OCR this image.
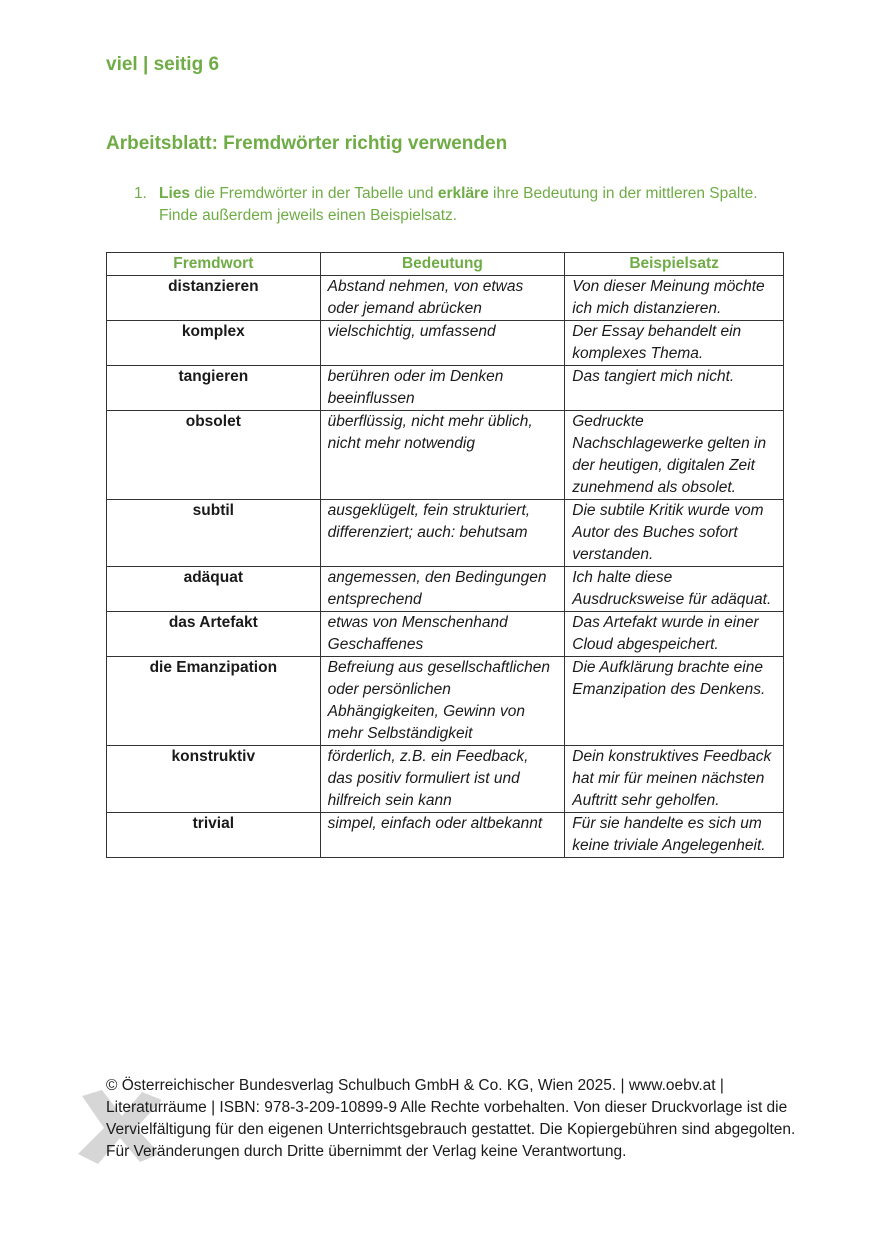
viel | seitig 6
Arbeitsblatt: Fremdwörter richtig verwenden
1. Lies die Fremdwörter in der Tabelle und erkläre ihre Bedeutung in der mittleren Spalte. Finde außerdem jeweils einen Beispielsatz.
Fremdwort	Bedeutung	Beispielsatz
distanzieren	Abstand nehmen, von etwas oder jemand abrücken	Von dieser Meinung möchte ich mich distanzieren.
komplex	vielschichtig, umfassend	Der Essay behandelt ein komplexes Thema.
tangieren	berühren oder im Denken beeinflussen	Das tangiert mich nicht.
obsolet	überflüssig, nicht mehr üblich, nicht mehr notwendig	Gedruckte Nachschlagewerke gelten in der heutigen, digitalen Zeit zunehmend als obsolet.
subtil	ausgeklügelt, fein strukturiert, differenziert; auch: behutsam	Die subtile Kritik wurde vom Autor des Buches sofort verstanden.
adäquat	angemessen, den Bedingungen entsprechend	Ich halte diese Ausdrucksweise für adäquat.
das Artefakt	etwas von Menschenhand Geschaffenes	Das Artefakt wurde in einer Cloud abgespeichert.
die Emanzipation	Befreiung aus gesellschaftlichen oder persönlichen Abhängigkeiten, Gewinn von mehr Selbständigkeit	Die Aufklärung brachte eine Emanzipation des Denkens.
konstruktiv	förderlich, z.B. ein Feedback, das positiv formuliert ist und hilfreich sein kann	Dein konstruktives Feedback hat mir für meinen nächsten Auftritt sehr geholfen.
trivial	simpel, einfach oder altbekannt	Für sie handelte es sich um keine triviale Angelegenheit.
© Österreichischer Bundesverlag Schulbuch GmbH & Co. KG, Wien 2025. | www.oebv.at | Literaturräume | ISBN: 978-3-209-10899-9 Alle Rechte vorbehalten. Von dieser Druckvorlage ist die Vervielfältigung für den eigenen Unterrichtsgebrauch gestattet. Die Kopiergebühren sind abgegolten. Für Veränderungen durch Dritte übernimmt der Verlag keine Verantwortung.
